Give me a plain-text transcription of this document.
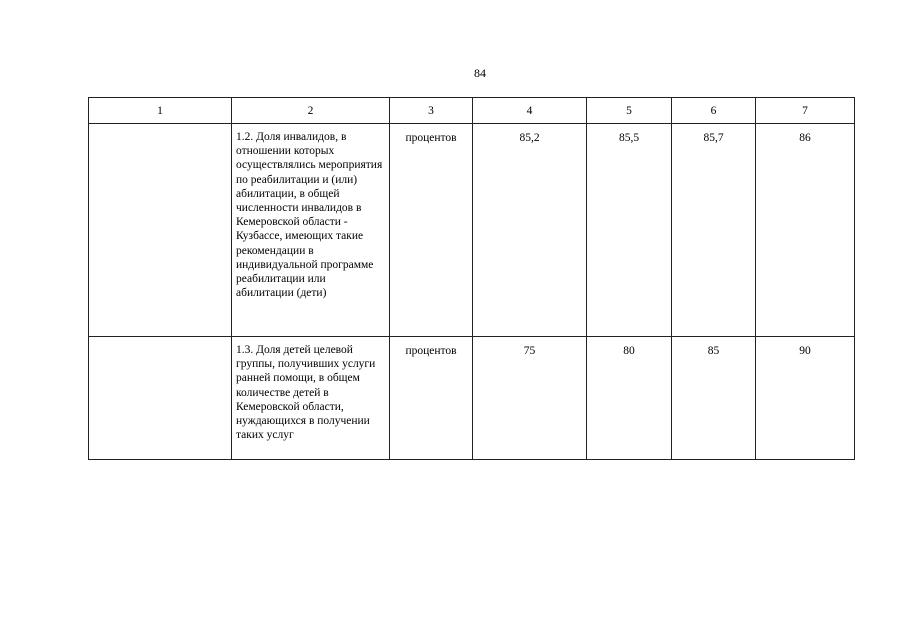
84
1	2	3	4	5	6	7
	1.2. Доля инвалидов, в отношении которых осуществлялись мероприятия по реабилитации и (или) абилитации, в общей численности инвалидов в Кемеровской области - Кузбассе, имеющих такие рекомендации в индивидуальной программе реабилитации или абилитации (дети)	процентов	85,2	85,5	85,7	86
	1.3. Доля детей целевой группы, получивших услуги ранней помощи, в общем количестве детей в Кемеровской области, нуждающихся в получении таких услуг	процентов	75	80	85	90
